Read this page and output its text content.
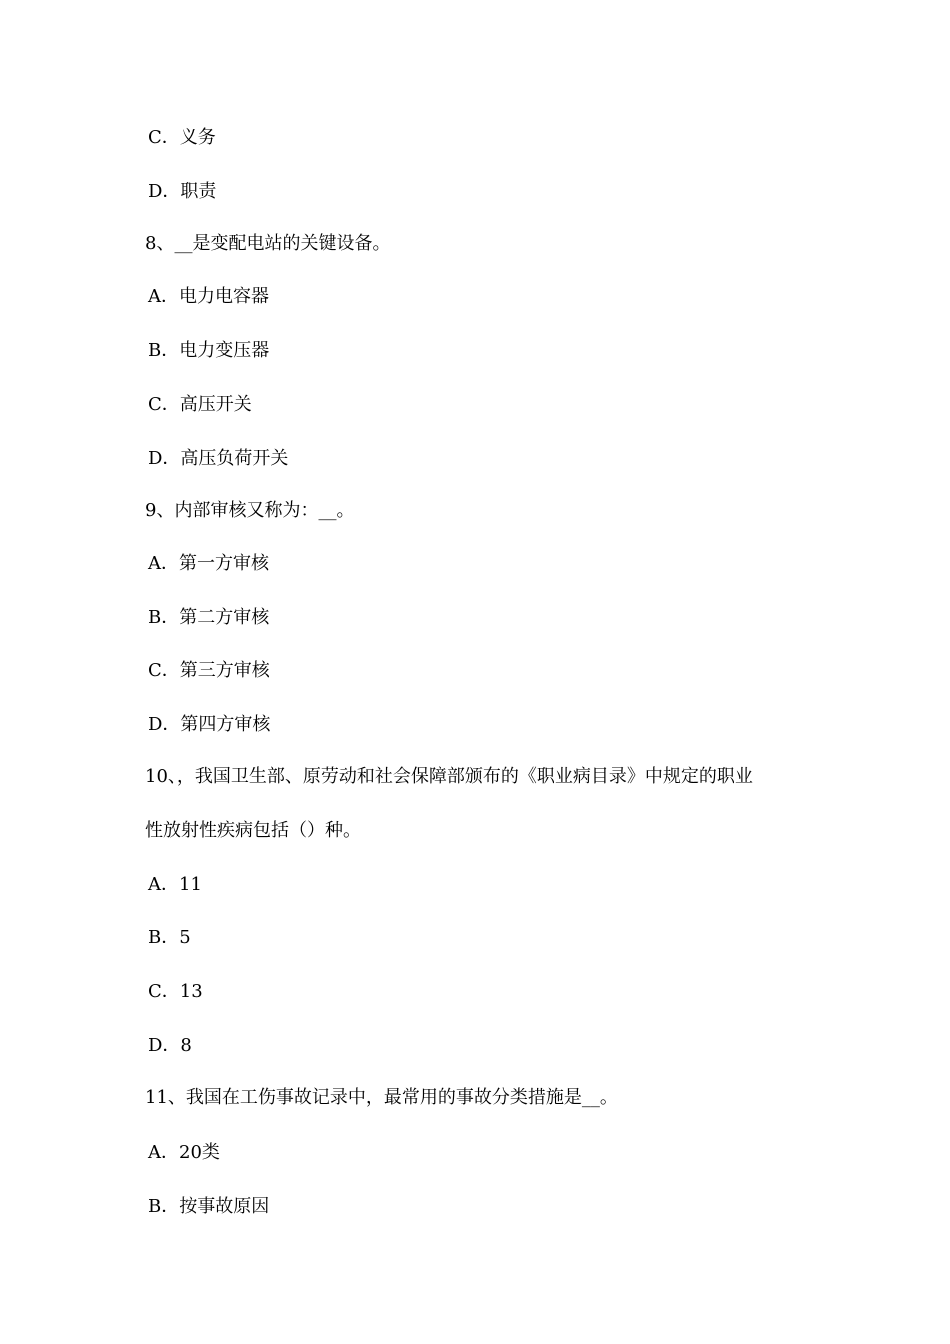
C．义务
D．职责
8、__是变配电站的关键设备。
A．电力电容器
B．电力变压器
C．高压开关
D．高压负荷开关
9、内部审核又称为：__。
A．第一方审核
B．第二方审核
C．第三方审核
D．第四方审核
10、，我国卫生部、原劳动和社会保障部颁布的《职业病目录》中规定的职业
性放射性疾病包括（）种。
A．11
B．5
C．13
D．8
11、我国在工伤事故记录中，最常用的事故分类措施是__。
A．20类
B．按事故原因
